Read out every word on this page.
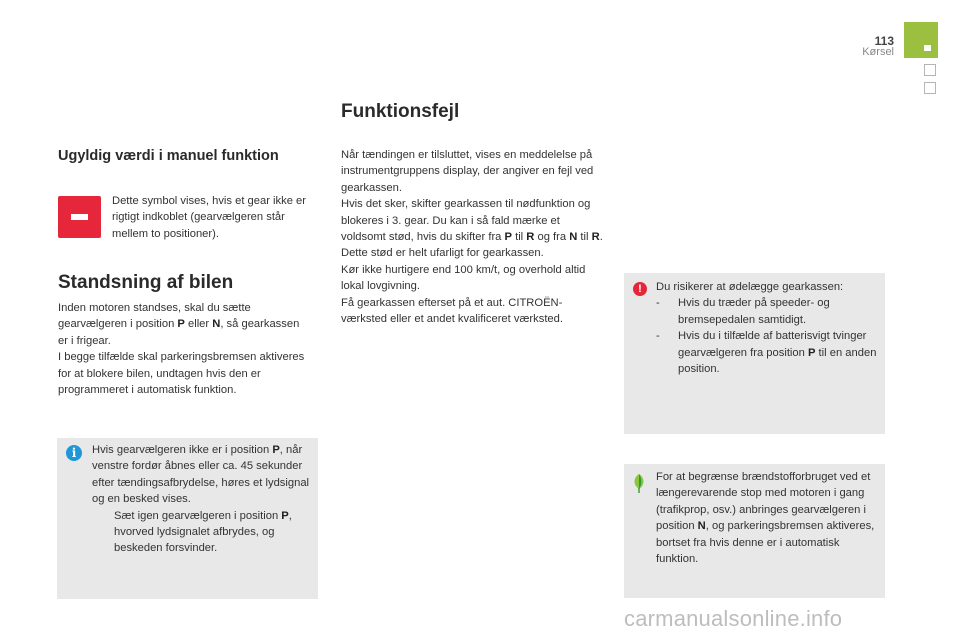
113
Kørsel
Ugyldig værdi i manuel funktion
Dette symbol vises, hvis et gear ikke er rigtigt indkoblet (gearvælgeren står mellem to positioner).
Standsning af bilen
Inden motoren standses, skal du sætte gearvælgeren i position P eller N, så gearkassen er i frigear.
I begge tilfælde skal parkeringsbremsen aktiveres for at blokere bilen, undtagen hvis den er programmeret i automatisk funktion.
i	Hvis gearvælgeren ikke er i position P, når venstre fordør åbnes eller ca. 45 sekunder efter tændingsafbrydelse, høres et lydsignal og en besked vises.
Sæt igen gearvælgeren i position P, hvorved lydsignalet afbrydes, og beskeden forsvinder.
Funktionsfejl
Når tændingen er tilsluttet, vises en meddelelse på instrumentgruppens display, der angiver en fejl ved gearkassen.
Hvis det sker, skifter gearkassen til nødfunktion og blokeres i 3. gear. Du kan i så fald mærke et voldsomt stød, hvis du skifter fra P til R og fra N til R. Dette stød er helt ufarligt for gearkassen.
Kør ikke hurtigere end 100 km/t, og overhold altid lokal lovgivning.
Få gearkassen efterset på et aut. CITROËN-værksted eller et andet kvalificeret værksted.
!	Du risikerer at ødelægge gearkassen:
- Hvis du træder på speeder- og bremsepedalen samtidigt.
- Hvis du i tilfælde af batterisvigt tvinger gearvælgeren fra position P til en anden position.
For at begrænse brændstofforbruget ved et længerevarende stop med motoren i gang (trafikprop, osv.) anbringes gearvælgeren i position N, og parkeringsbremsen aktiveres, bortset fra hvis denne er i automatisk funktion.
carmanualsonline.info
